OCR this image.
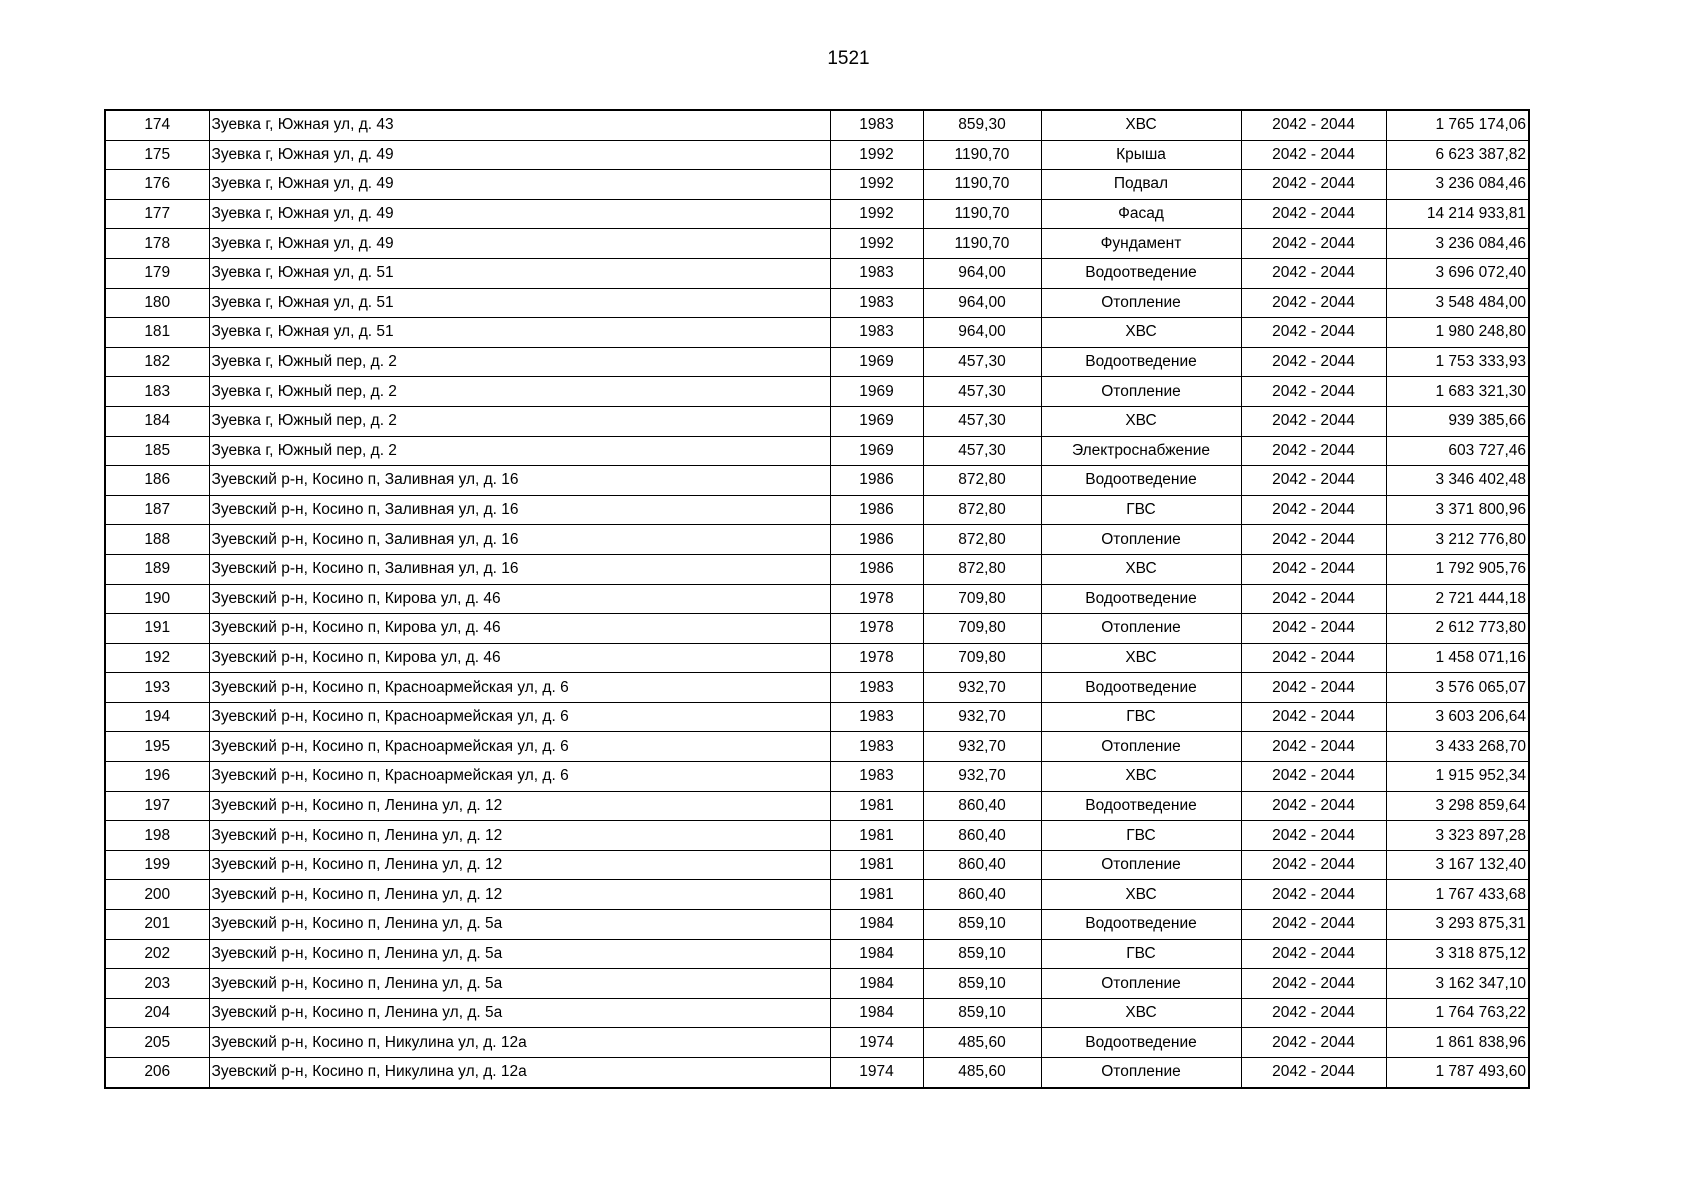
1521
174	Зуевка г, Южная ул, д. 43	1983	859,30	ХВС	2042 - 2044	1 765 174,06
175	Зуевка г, Южная ул, д. 49	1992	1190,70	Крыша	2042 - 2044	6 623 387,82
176	Зуевка г, Южная ул, д. 49	1992	1190,70	Подвал	2042 - 2044	3 236 084,46
177	Зуевка г, Южная ул, д. 49	1992	1190,70	Фасад	2042 - 2044	14 214 933,81
178	Зуевка г, Южная ул, д. 49	1992	1190,70	Фундамент	2042 - 2044	3 236 084,46
179	Зуевка г, Южная ул, д. 51	1983	964,00	Водоотведение	2042 - 2044	3 696 072,40
180	Зуевка г, Южная ул, д. 51	1983	964,00	Отопление	2042 - 2044	3 548 484,00
181	Зуевка г, Южная ул, д. 51	1983	964,00	ХВС	2042 - 2044	1 980 248,80
182	Зуевка г, Южный пер, д. 2	1969	457,30	Водоотведение	2042 - 2044	1 753 333,93
183	Зуевка г, Южный пер, д. 2	1969	457,30	Отопление	2042 - 2044	1 683 321,30
184	Зуевка г, Южный пер, д. 2	1969	457,30	ХВС	2042 - 2044	939 385,66
185	Зуевка г, Южный пер, д. 2	1969	457,30	Электроснабжение	2042 - 2044	603 727,46
186	Зуевский р-н, Косино п, Заливная ул, д. 16	1986	872,80	Водоотведение	2042 - 2044	3 346 402,48
187	Зуевский р-н, Косино п, Заливная ул, д. 16	1986	872,80	ГВС	2042 - 2044	3 371 800,96
188	Зуевский р-н, Косино п, Заливная ул, д. 16	1986	872,80	Отопление	2042 - 2044	3 212 776,80
189	Зуевский р-н, Косино п, Заливная ул, д. 16	1986	872,80	ХВС	2042 - 2044	1 792 905,76
190	Зуевский р-н, Косино п, Кирова ул, д. 46	1978	709,80	Водоотведение	2042 - 2044	2 721 444,18
191	Зуевский р-н, Косино п, Кирова ул, д. 46	1978	709,80	Отопление	2042 - 2044	2 612 773,80
192	Зуевский р-н, Косино п, Кирова ул, д. 46	1978	709,80	ХВС	2042 - 2044	1 458 071,16
193	Зуевский р-н, Косино п, Красноармейская ул, д. 6	1983	932,70	Водоотведение	2042 - 2044	3 576 065,07
194	Зуевский р-н, Косино п, Красноармейская ул, д. 6	1983	932,70	ГВС	2042 - 2044	3 603 206,64
195	Зуевский р-н, Косино п, Красноармейская ул, д. 6	1983	932,70	Отопление	2042 - 2044	3 433 268,70
196	Зуевский р-н, Косино п, Красноармейская ул, д. 6	1983	932,70	ХВС	2042 - 2044	1 915 952,34
197	Зуевский р-н, Косино п, Ленина ул, д. 12	1981	860,40	Водоотведение	2042 - 2044	3 298 859,64
198	Зуевский р-н, Косино п, Ленина ул, д. 12	1981	860,40	ГВС	2042 - 2044	3 323 897,28
199	Зуевский р-н, Косино п, Ленина ул, д. 12	1981	860,40	Отопление	2042 - 2044	3 167 132,40
200	Зуевский р-н, Косино п, Ленина ул, д. 12	1981	860,40	ХВС	2042 - 2044	1 767 433,68
201	Зуевский р-н, Косино п, Ленина ул, д. 5а	1984	859,10	Водоотведение	2042 - 2044	3 293 875,31
202	Зуевский р-н, Косино п, Ленина ул, д. 5а	1984	859,10	ГВС	2042 - 2044	3 318 875,12
203	Зуевский р-н, Косино п, Ленина ул, д. 5а	1984	859,10	Отопление	2042 - 2044	3 162 347,10
204	Зуевский р-н, Косино п, Ленина ул, д. 5а	1984	859,10	ХВС	2042 - 2044	1 764 763,22
205	Зуевский р-н, Косино п, Никулина ул, д. 12а	1974	485,60	Водоотведение	2042 - 2044	1 861 838,96
206	Зуевский р-н, Косино п, Никулина ул, д. 12а	1974	485,60	Отопление	2042 - 2044	1 787 493,60
